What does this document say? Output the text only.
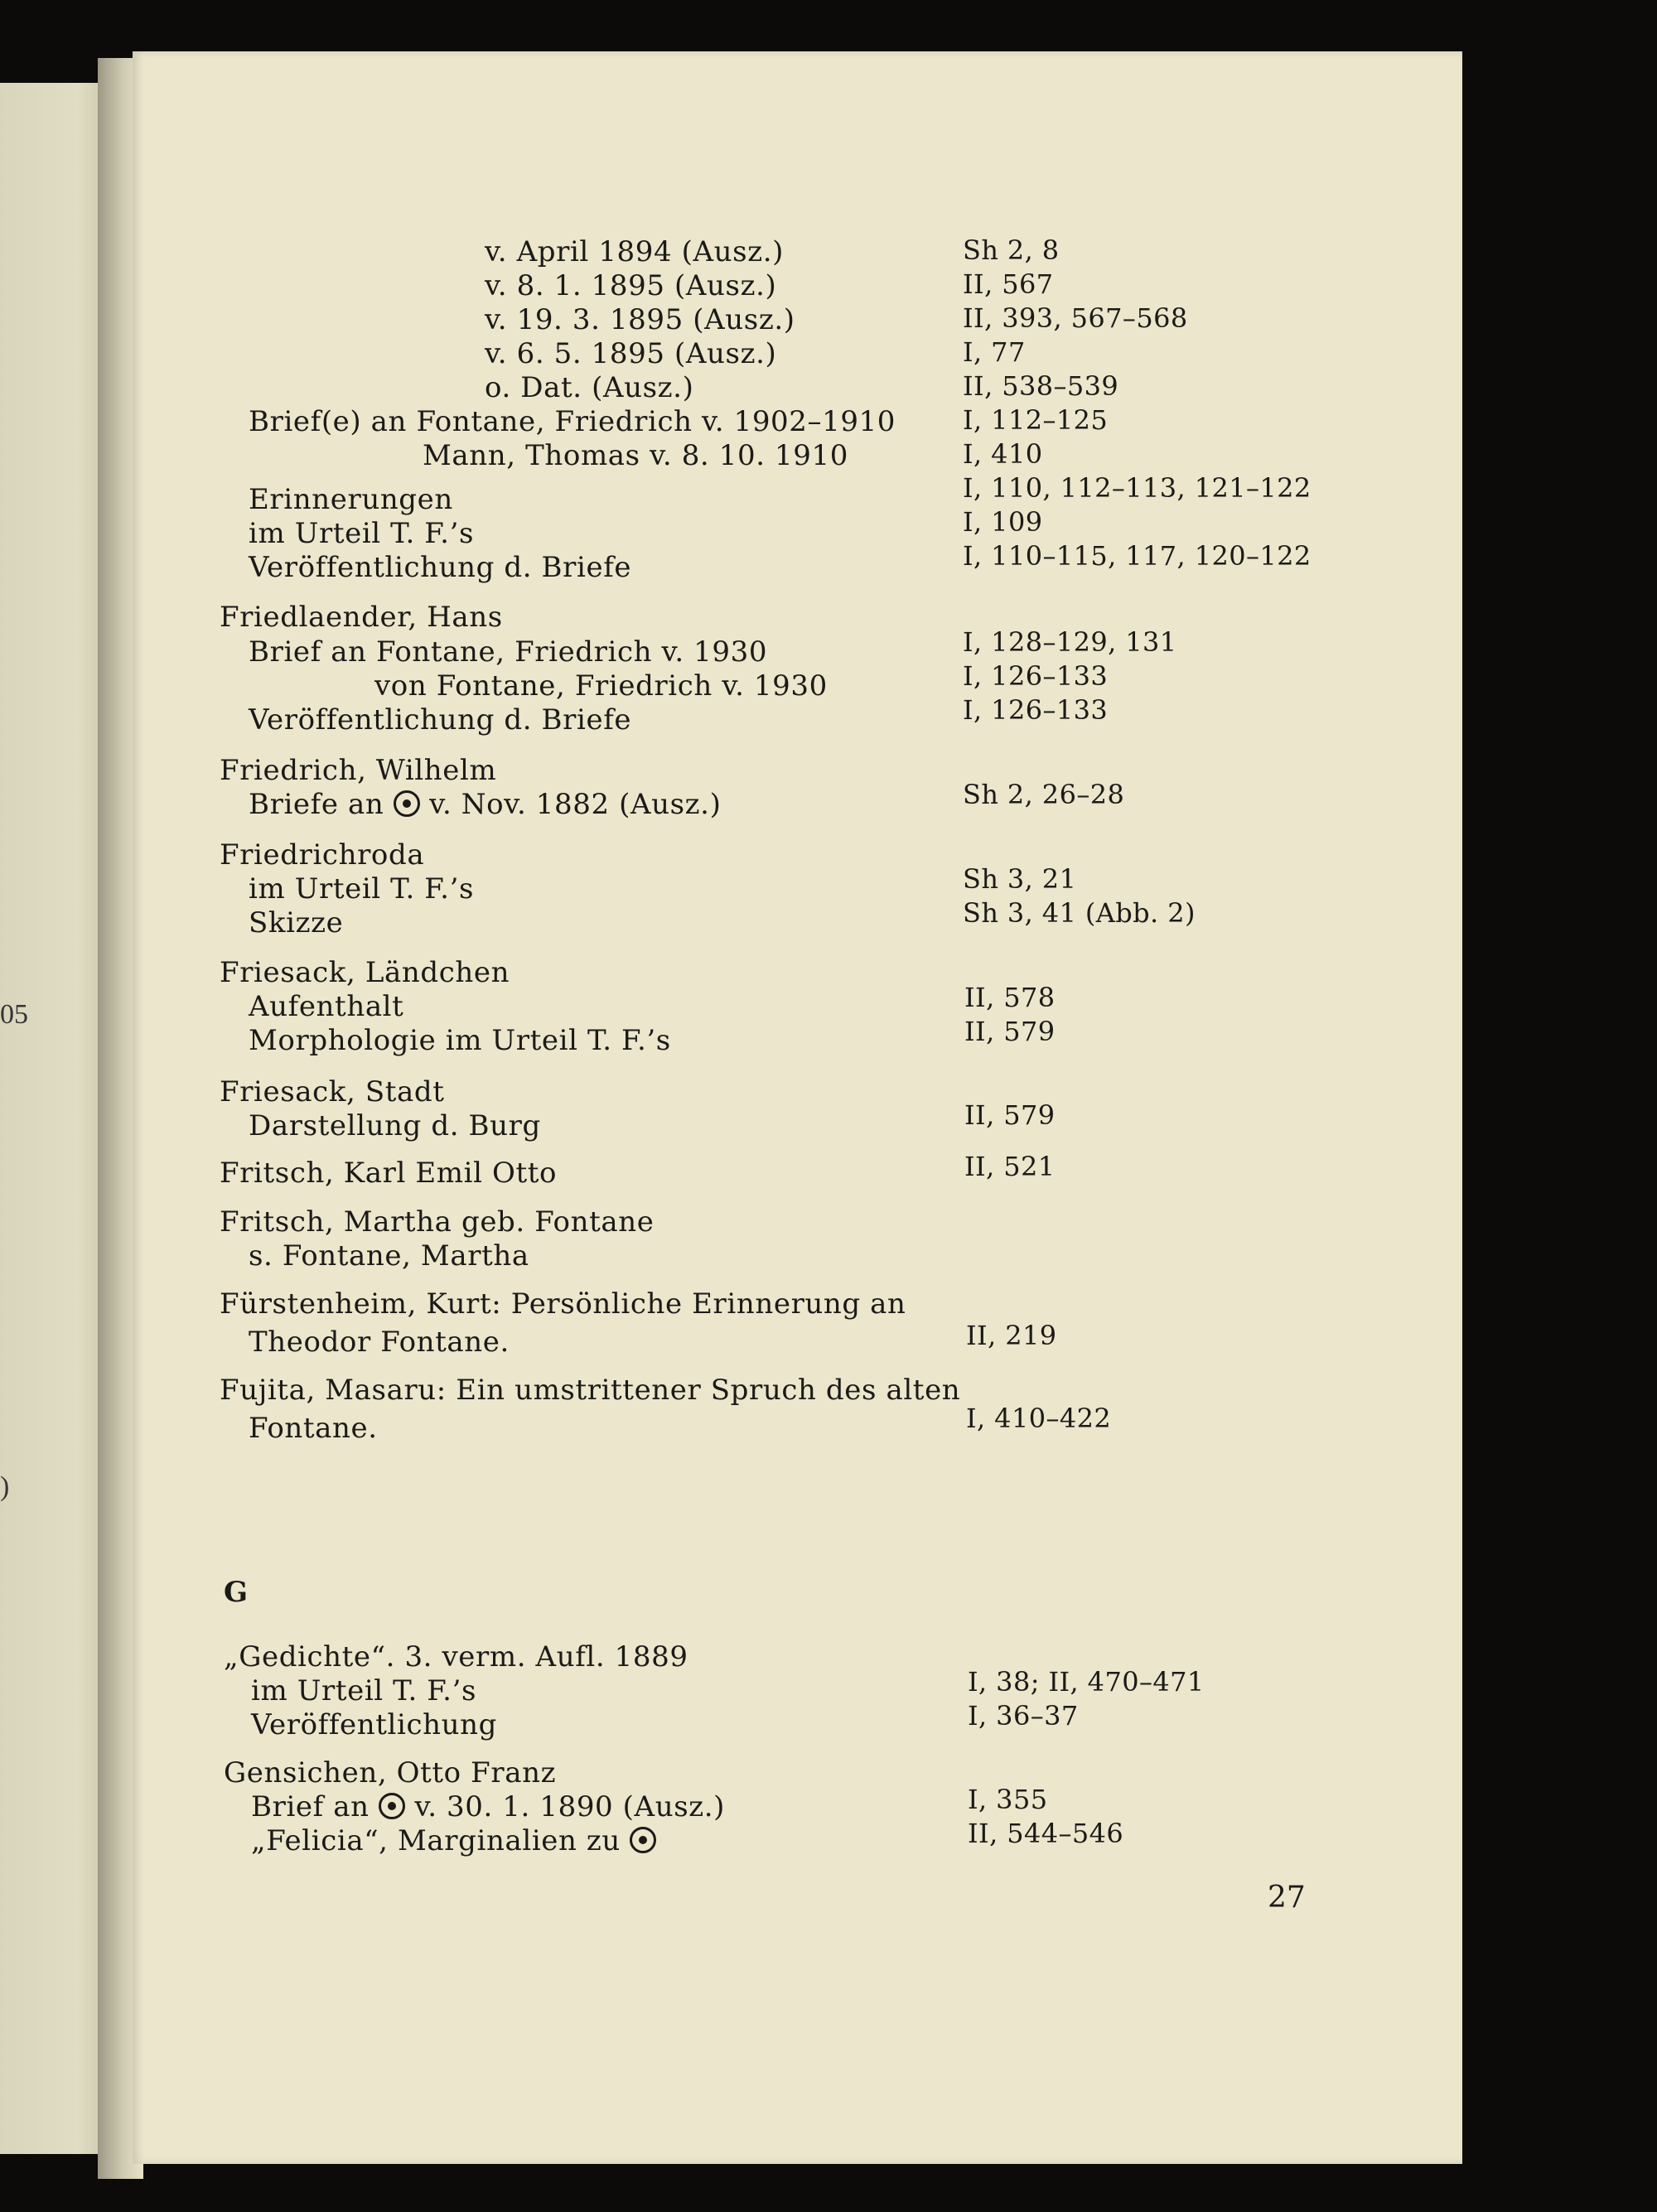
05
)
v. April 1894 (Ausz.)
v. 8. 1. 1895 (Ausz.)
v. 19. 3. 1895 (Ausz.)
v. 6. 5. 1895 (Ausz.)
o. Dat. (Ausz.)
Brief(e) an Fontane, Friedrich v. 1902–1910
Mann, Thomas v. 8. 10. 1910
Erinnerungen
im Urteil T. F.’s
Veröffentlichung d. Briefe
Friedlaender, Hans
Brief an Fontane, Friedrich v. 1930
von Fontane, Friedrich v. 1930
Veröffentlichung d. Briefe
Friedrich, Wilhelm
Briefe an v. Nov. 1882 (Ausz.)
Friedrichroda
im Urteil T. F.’s
Skizze
Friesack, Ländchen
Aufenthalt
Morphologie im Urteil T. F.’s
Friesack, Stadt
Darstellung d. Burg
Fritsch, Karl Emil Otto
Fritsch, Martha geb. Fontane
s. Fontane, Martha
Fürstenheim, Kurt: Persönliche Erinnerung an
Theodor Fontane.
Fujita, Masaru: Ein umstrittener Spruch des alten
Fontane.
G
„Gedichte“. 3. verm. Aufl. 1889
im Urteil T. F.’s
Veröffentlichung
Gensichen, Otto Franz
Brief an v. 30. 1. 1890 (Ausz.)
„Felicia“, Marginalien zu
Sh 2, 8
II, 567
II, 393, 567–568
I, 77
II, 538–539
I, 112–125
I, 410
I, 110, 112–113, 121–122
I, 109
I, 110–115, 117, 120–122
I, 128–129, 131
I, 126–133
I, 126–133
Sh 2, 26–28
Sh 3, 21
Sh 3, 41 (Abb. 2)
II, 578
II, 579
II, 579
II, 521
II, 219
I, 410–422
I, 38; II, 470–471
I, 36–37
I, 355
II, 544–546
27
